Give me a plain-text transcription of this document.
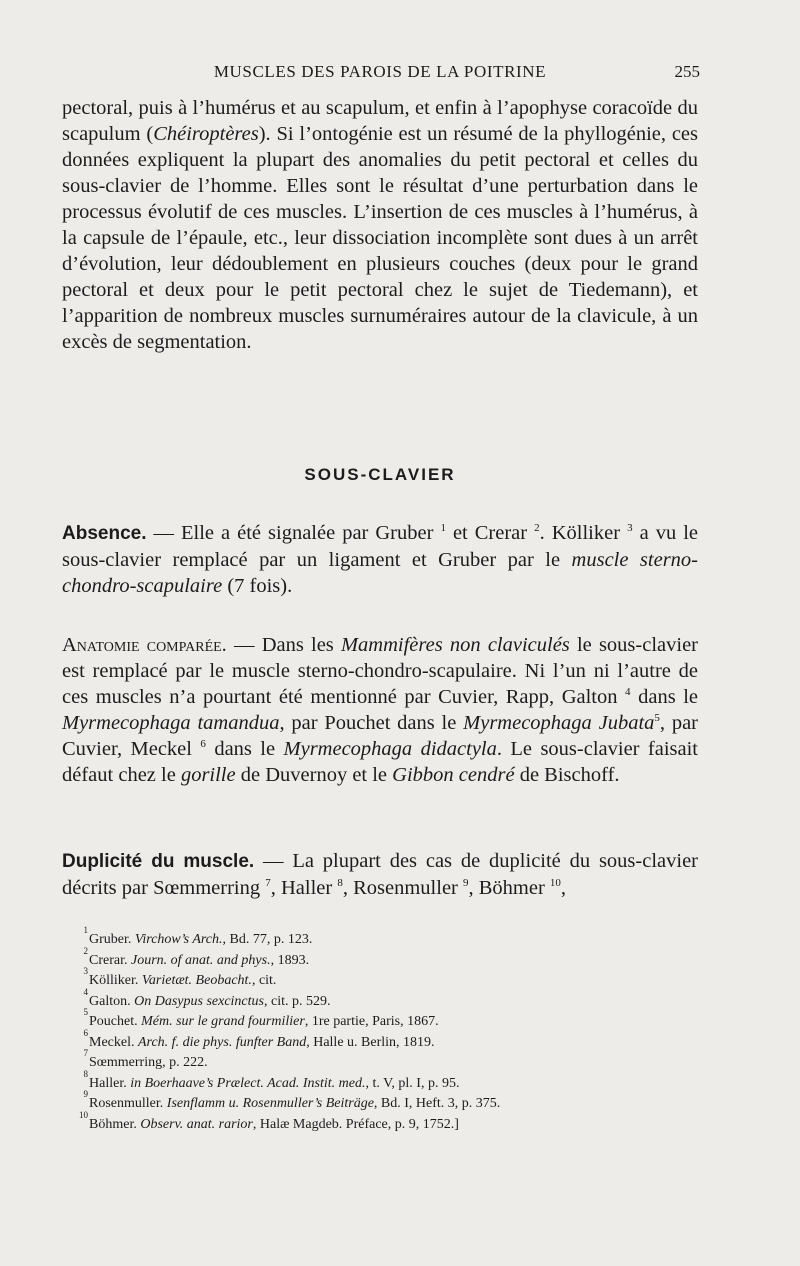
MUSCLES DES PAROIS DE LA POITRINE	255

pectoral, puis à l’humérus et au scapulum, et enfin à l’apophyse coracoïde du scapulum (Chéiroptères). Si l’ontogénie est un résumé de la phyllogénie, ces données expliquent la plupart des anomalies du petit pectoral et celles du sous-clavier de l’homme. Elles sont le résultat d’une perturbation dans le processus évolutif de ces muscles. L’insertion de ces muscles à l’humérus, à la capsule de l’épaule, etc., leur dissociation incomplète sont dues à un arrêt d’évolution, leur dédoublement en plusieurs couches (deux pour le grand pectoral et deux pour le petit pectoral chez le sujet de Tiedemann), et l’apparition de nombreux muscles surnuméraires autour de la clavicule, à un excès de segmentation.

SOUS-CLAVIER

Absence. — Elle a été signalée par Gruber $^1$ et Crerar $^2$. Kölliker $^3$ a vu le sous-clavier remplacé par un ligament et Gruber par le muscle sterno-chondro-scapulaire (7 fois).

Anatomie comparée. — Dans les Mammifères non claviculés le sous-clavier est remplacé par le muscle sterno-chondro-scapulaire. Ni l’un ni l’autre de ces muscles n’a pourtant été mentionné par Cuvier, Rapp, Galton $^4$ dans le Myrmecophaga tamandua, par Pouchet dans le Myrmecophaga Jubata$^5$, par Cuvier, Meckel $^6$ dans le Myrmecophaga didactyla. Le sous-clavier faisait défaut chez le gorille de Duvernoy et le Gibbon cendré de Bischoff.

Duplicité du muscle. — La plupart des cas de duplicité du sous-clavier décrits par Sœmmerring $^7$, Haller $^8$, Rosenmuller $^9$, Böhmer $^{10}$,

1
Gruber. Virchow’s Arch., Bd. 77, p. 123.
2
Crerar. Journ. of anat. and phys., 1893.
3
Kölliker. Varietæt. Beobacht., cit.
4
Galton. On Dasypus sexcinctus, cit. p. 529.
5
Pouchet. Mém. sur le grand fourmilier, 1re partie, Paris, 1867.
6
Meckel. Arch. f. die phys. funfter Band, Halle u. Berlin, 1819.
7
Sœmmerring, p. 222.
8
Haller. in Boerhaave’s Prælect. Acad. Instit. med., t. V, pl. I, p. 95.
9
Rosenmuller. Isenflamm u. Rosenmuller’s Beiträge, Bd. I, Heft. 3, p. 375.
10
Böhmer. Observ. anat. rarior, Halæ Magdeb. Préface, p. 9, 1752.]
